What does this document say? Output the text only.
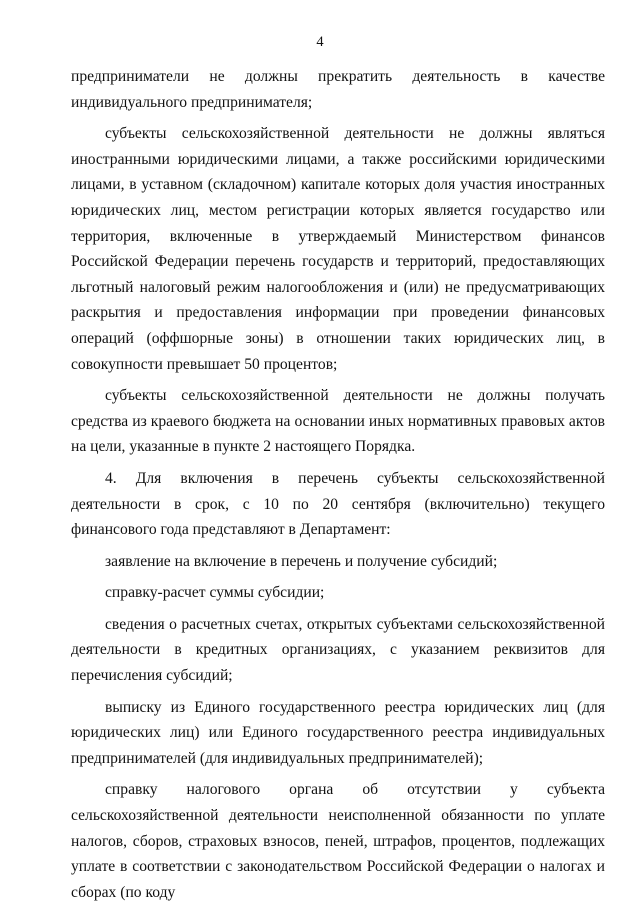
4

предприниматели не должны прекратить деятельность в качестве индивидуального предпринимателя;

субъекты сельскохозяйственной деятельности не должны являться иностранными юридическими лицами, а также российскими юридическими лицами, в уставном (складочном) капитале которых доля участия иностранных юридических лиц, местом регистрации которых является государство или территория, включенные в утверждаемый Министерством финансов Российской Федерации перечень государств и территорий, предоставляющих льготный налоговый режим налогообложения и (или) не предусматривающих раскрытия и предоставления информации при проведении финансовых операций (оффшорные зоны) в отношении таких юридических лиц, в совокупности превышает 50 процентов;

субъекты сельскохозяйственной деятельности не должны получать средства из краевого бюджета на основании иных нормативных правовых актов на цели, указанные в пункте 2 настоящего Порядка.

4. Для включения в перечень субъекты сельскохозяйственной деятельности в срок, с 10 по 20 сентября (включительно) текущего финансового года представляют в Департамент:

заявление на включение в перечень и получение субсидий;

справку-расчет суммы субсидии;

сведения о расчетных счетах, открытых субъектами сельскохозяйственной деятельности в кредитных организациях, с указанием реквизитов для перечисления субсидий;

выписку из Единого государственного реестра юридических лиц (для юридических лиц) или Единого государственного реестра индивидуальных предпринимателей (для индивидуальных предпринимателей);

справку налогового органа об отсутствии у субъекта сельскохозяйственной деятельности неисполненной обязанности по уплате налогов, сборов, страховых взносов, пеней, штрафов, процентов, подлежащих уплате в соответствии с законодательством Российской Федерации о налогах и сборах (по коду
